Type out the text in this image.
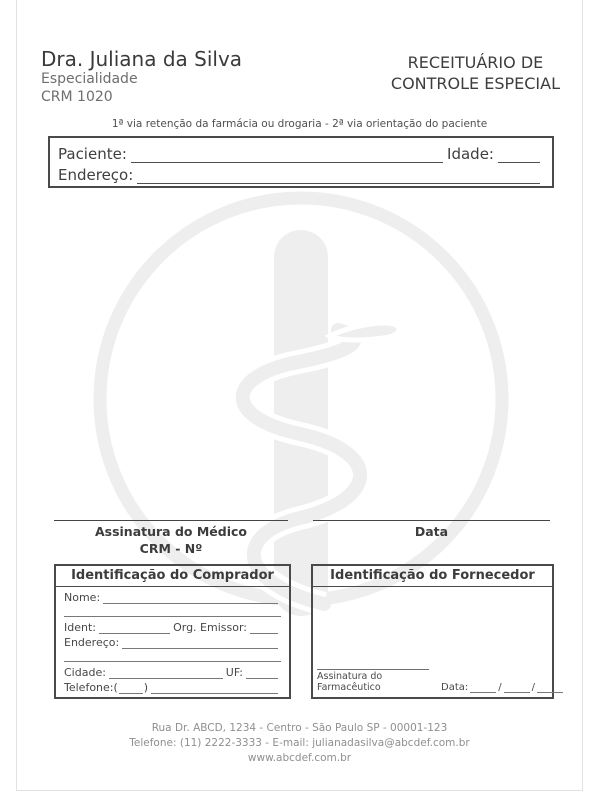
Dra. Juliana da Silva
Especialidade
CRM 1020
RECEITUÁRIO DE
CONTROLE ESPECIAL
1ª via retenção da farmácia ou drogaria - 2ª via orientação do paciente
Paciente:	Idade:
Endereço:
Assinatura do Médico
CRM - Nº
Data
Identificação do Comprador
Nome:
Ident:	Org. Emissor:
Endereço:
Cidade:	UF:
Telefone: ( )
Identificação do Fornecedor
Assinatura do Farmacêutico	Data:	/	/
Rua Dr. ABCD, 1234 - Centro - São Paulo SP - 00001-123
Telefone: (11) 2222-3333 - E-mail: julianadasilva@abcdef.com.br
www.abcdef.com.br
